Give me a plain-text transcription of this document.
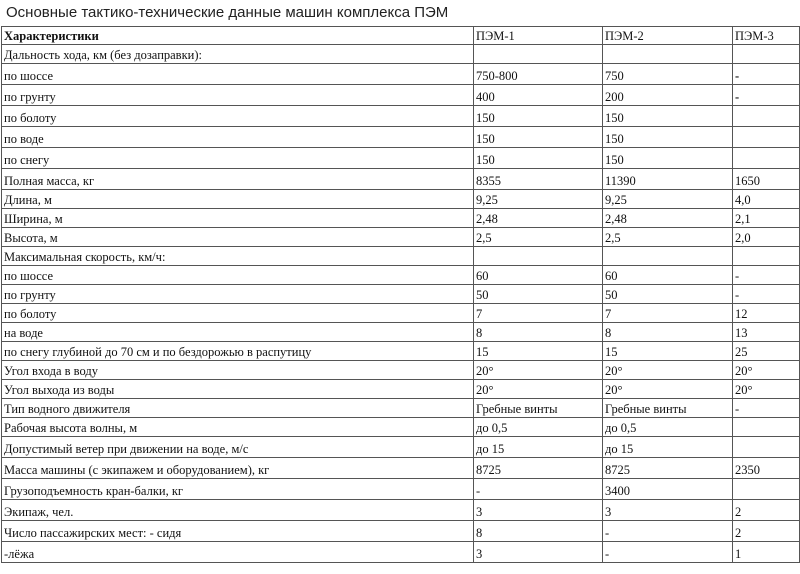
Основные тактико-технические данные машин комплекса ПЭМ
Характеристики	ПЭМ-1	ПЭМ-2	ПЭМ-3
Дальность хода, км (без дозаправки):			
по шоссе	750-800	750	-
по грунту	400	200	-
по болоту	150	150	
по воде	150	150	
по снегу	150	150	
Полная масса, кг	8355	11390	1650
Длина, м	9,25	9,25	4,0
Ширина, м	2,48	2,48	2,1
Высота, м	2,5	2,5	2,0
Максимальная скорость, км/ч:			
по шоссе	60	60	-
по грунту	50	50	-
по болоту	7	7	12
на воде	8	8	13
по снегу глубиной до 70 см и по бездорожью в распутицу	15	15	25
Угол входа в воду	20°	20°	20°
Угол выхода из воды	20°	20°	20°
Тип водного движителя	Гребные винты	Гребные винты	-
Рабочая высота волны, м	до 0,5	до 0,5	
Допустимый ветер при движении на воде, м/с	до 15	до 15	
Масса машины (с экипажем и оборудованием), кг	8725	8725	2350
Грузоподъемность кран-балки, кг	-	3400	
Экипаж, чел.	3	3	2
Число пассажирских мест: - сидя	8	-	2
-лёжа	3	-	1
